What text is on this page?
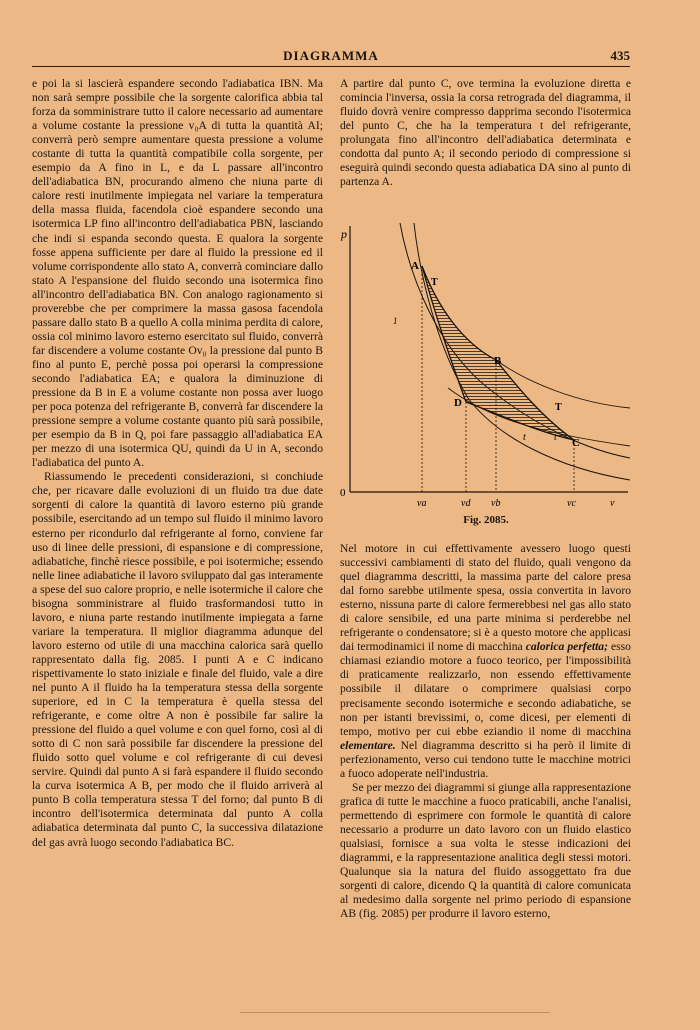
DIAGRAMMA	435

e poi la si lascierà espandere secondo l'adiabatica IBN. Ma non sarà sempre possibile che la sorgente calorifica abbia tal forza da somministrare tutto il calore necessario ad aumentare a volume costante la pressione v₀A di tutta la quantità AI; converrà però sempre aumentare questa pressione a volume costante di tutta la quantità compatibile colla sorgente, per esempio da A fino in L, e da L passare all'incontro dell'adiabatica BN, procurando almeno che niuna parte di calore resti inutilmente impiegata nel variare la temperatura della massa fluida, facendola cioè espandere secondo una isotermica LP fino all'incontro dell'adiabatica PBN, lasciando che indi si espanda secondo questa. E qualora la sorgente fosse appena sufficiente per dare al fluido la pressione ed il volume corrispondente allo stato A, converrà cominciare dallo stato A l'espansione del fluido secondo una isotermica fino all'incontro dell'adiabatica BN. Con analogo ragionamento si proverebbe che per comprimere la massa gasosa facendola passare dallo stato B a quello A colla minima perdita di calore, ossia col minimo lavoro esterno esercitato sul fluido, converrà far discendere a volume costante Ov₀ la pressione dal punto B fino al punto E, perchè possa poi operarsi la compressione secondo l'adiabatica EA; e qualora la diminuzione di pressione da B in E a volume costante non possa aver luogo per poca potenza del refrigerante B, converrà far discendere la pressione sempre a volume costante quanto più sarà possibile, per esempio da B in Q, poi fare passaggio all'adiabatica EA per mezzo di una isotermica QU, quindi da U in A, secondo l'adiabatica del punto A.

Riassumendo le precedenti considerazioni, si conchiude che, per ricavare dalle evoluzioni di un fluido tra due date sorgenti di calore la quantità di lavoro esterno più grande possibile, esercitando ad un tempo sul fluido il minimo lavoro esterno per ricondurlo dal refrigerante al forno, conviene far uso di linee delle pressioni, di espansione e di compressione, adiabatiche, finchè riesce possibile, e poi isotermiche; essendo nelle linee adiabatiche il lavoro sviluppato dal gas interamente a spese del suo calore proprio, e nelle isotermiche il calore che bisogna somministrare al fluido trasformandosi tutto in lavoro, e niuna parte restando inutilmente impiegata a farne variare la temperatura. Il miglior diagramma adunque del lavoro esterno od utile di una macchina calorica sarà quello rappresentato dalla fig. 2085. I punti A e C indicano rispettivamente lo stato iniziale e finale del fluido, vale a dire nel punto A il fluido ha la temperatura stessa della sorgente superiore, ed in C la temperatura è quella stessa del refrigerante, e come oltre A non è possibile far salire la pressione del fluido a quel volume e con quel forno, così al di sotto di C non sarà possibile far discendere la pressione del fluido sotto quel volume e col refrigerante di cui devesi servire. Quindi dal punto A si farà espandere il fluido secondo la curva isotermica A B, per modo che il fluido arriverà al punto B colla temperatura stessa T del forno; dal punto B di incontro dell'isotermica determinata dal punto A colla adiabatica determinata dal punto C, la successiva dilatazione del gas avrà luogo secondo l'adiabatica BC.

A partire dal punto C, ove termina la evoluzione diretta e comincia l'inversa, ossia la corsa retrograda del diagramma, il fluido dovrà venire compresso dapprima secondo l'isotermica del punto C, che ha la temperatura t del refrigerante, prolungata fino all'incontro dell'adiabatica determinata e condotta dal punto A; il secondo periodo di compressione si eseguirà quindi secondo questa adiabatica DA sino al punto di partenza A.

p
0
A
T
1
B
D	T
t	t C
va	vd vb	vc	v
Fig. 2085.

Nel motore in cui effettivamente avessero luogo questi successivi cambiamenti di stato del fluido, quali vengono da quel diagramma descritti, la massima parte del calore presa dal forno sarebbe utilmente spesa, ossia convertita in lavoro esterno, nissuna parte di calore fermerebbesi nel gas allo stato di calore sensibile, ed una parte minima si perderebbe nel refrigerante o condensatore; si è a questo motore che applicasi dai termodinamici il nome di macchina calorica perfetta; esso chiamasi eziandio motore a fuoco teorico, per l'impossibilità di praticamente realizzarlo, non essendo effettivamente possibile il dilatare o comprimere qualsiasi corpo precisamente secondo isotermiche e secondo adiabatiche, se non per istanti brevissimi, o, come dicesi, per elementi di tempo, motivo per cui ebbe eziandio il nome di macchina elementare. Nel diagramma descritto si ha però il limite di perfezionamento, verso cui tendono tutte le macchine motrici a fuoco adoperate nell'industria.

Se per mezzo dei diagrammi si giunge alla rappresentazione grafica di tutte le macchine a fuoco praticabili, anche l'analisi, permettendo di esprimere con formole le quantità di calore necessario a produrre un dato lavoro con un fluido elastico qualsiasi, fornisce a sua volta le stesse indicazioni dei diagrammi, e la rappresentazione analitica degli stessi motori. Qualunque sia la natura del fluido assoggettato fra due sorgenti di calore, dicendo Q la quantità di calore comunicata al medesimo dalla sorgente nel primo periodo di espansione AB (fig. 2085) per produrre il lavoro esterno,
